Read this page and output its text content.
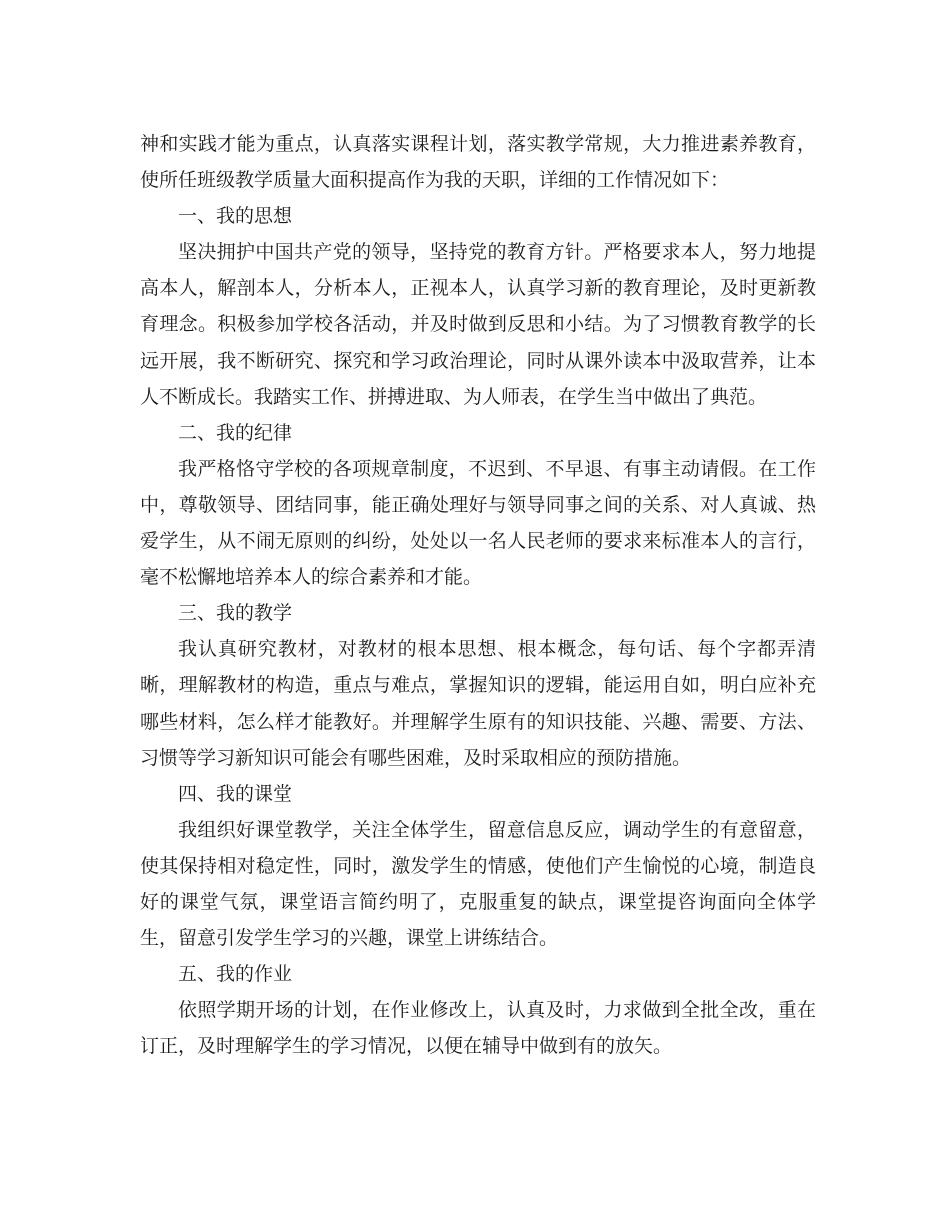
神和实践才能为重点，认真落实课程计划，落实教学常规，大力推进素养教育，使所任班级教学质量大面积提高作为我的天职，详细的工作情况如下：

一、我的思想

坚决拥护中国共产党的领导，坚持党的教育方针。严格要求本人，努力地提高本人，解剖本人，分析本人，正视本人，认真学习新的教育理论，及时更新教育理念。积极参加学校各活动，并及时做到反思和小结。为了习惯教育教学的长远开展，我不断研究、探究和学习政治理论，同时从课外读本中汲取营养，让本人不断成长。我踏实工作、拼搏进取、为人师表，在学生当中做出了典范。

二、我的纪律

我严格恪守学校的各项规章制度，不迟到、不早退、有事主动请假。在工作中，尊敬领导、团结同事，能正确处理好与领导同事之间的关系、对人真诚、热爱学生，从不闹无原则的纠纷，处处以一名人民老师的要求来标准本人的言行，毫不松懈地培养本人的综合素养和才能。

三、我的教学

我认真研究教材，对教材的根本思想、根本概念，每句话、每个字都弄清晰，理解教材的构造，重点与难点，掌握知识的逻辑，能运用自如，明白应补充哪些材料，怎么样才能教好。并理解学生原有的知识技能、兴趣、需要、方法、习惯等学习新知识可能会有哪些困难，及时采取相应的预防措施。

四、我的课堂

我组织好课堂教学，关注全体学生，留意信息反应，调动学生的有意留意，使其保持相对稳定性，同时，激发学生的情感，使他们产生愉悦的心境，制造良好的课堂气氛，课堂语言简约明了，克服重复的缺点，课堂提咨询面向全体学生，留意引发学生学习的兴趣，课堂上讲练结合。

五、我的作业

依照学期开场的计划，在作业修改上，认真及时，力求做到全批全改，重在订正，及时理解学生的学习情况，以便在辅导中做到有的放矢。
